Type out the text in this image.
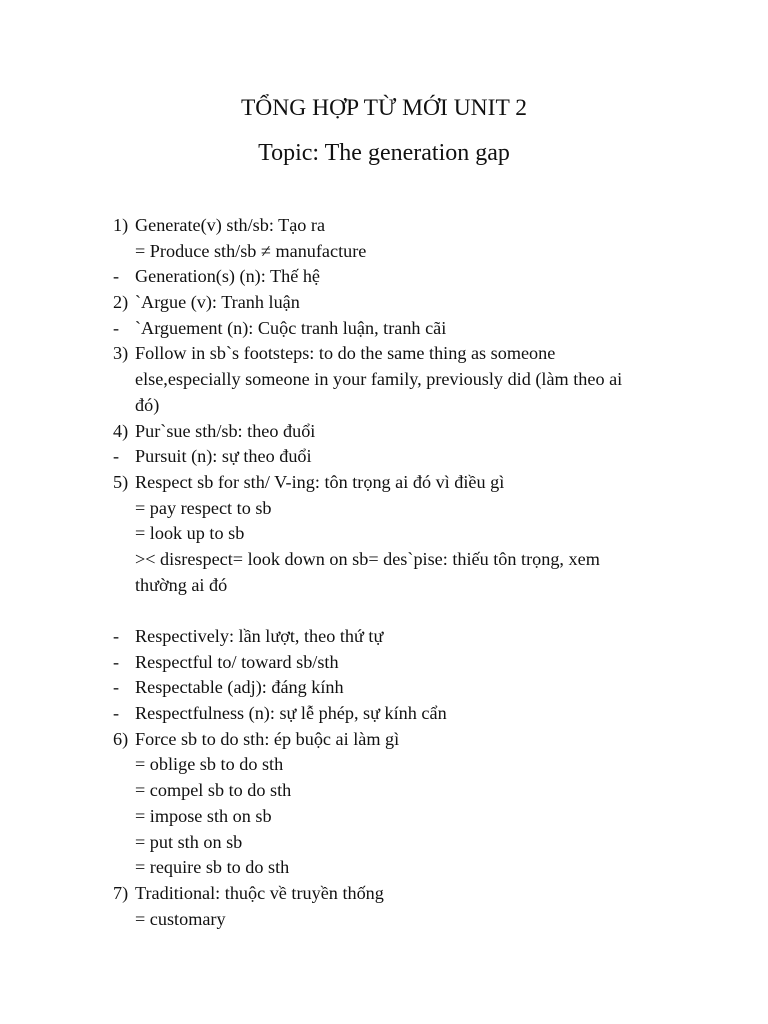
TỔNG HỢP TỪ MỚI UNIT 2
Topic: The generation gap
1) Generate(v) sth/sb: Tạo ra
= Produce sth/sb ≠ manufacture
- Generation(s) (n): Thế hệ
2) `Argue (v): Tranh luận
- `Arguement (n): Cuộc tranh luận, tranh cãi
3) Follow in sb`s footsteps: to do the same thing as someone
else,especially someone in your family, previously did (làm theo ai
đó)
4) Pur`sue sth/sb: theo đuổi
- Pursuit (n): sự theo đuổi
5) Respect sb for sth/ V-ing: tôn trọng ai đó vì điều gì
= pay respect to sb
= look up to sb
>< disrespect= look down on sb= des`pise: thiếu tôn trọng, xem
thường ai đó
- Respectively: lần lượt, theo thứ tự
- Respectful to/ toward sb/sth
- Respectable (adj): đáng kính
- Respectfulness (n): sự lễ phép, sự kính cẩn
6) Force sb to do sth: ép buộc ai làm gì
= oblige sb to do sth
= compel sb to do sth
= impose sth on sb
= put sth on sb
= require sb to do sth
7) Traditional: thuộc về truyền thống
= customary
